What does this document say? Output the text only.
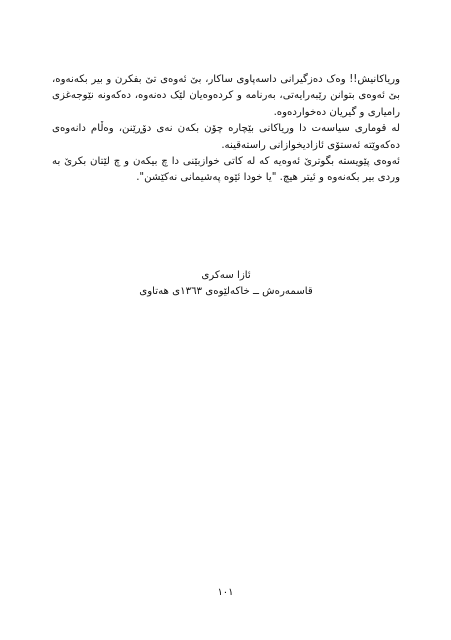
ورياكانيش!! وەک دەزگيرانی داسەپاوی ساکار، بێ ئەوەی تێ بفکرن و بیر بکەنەوە، بێ ئەوەی بتوانن رێبەرایەتی، بەرنامە و کردەوەیان لێک دەنەوە، دەکەونە نێوجەغزی رامیاری و گیریان دەخواردەوە.

لە قوماری سیاسەت دا وریاکانی بێچارە چۆن بکەن نەی دۆڕێنن، وەڵام دانەوەی دەکەوێتە ئەستۆی ئازادیخوازانی راستەقینە.

ئەوەی پێویستە بگوترێ ئەوەیە کە لە کاتی خوازبێنی دا چ بیکەن و چ لێتان بکرێ بە وردی بیر بکەنەوە و ئیتر هیچ. "یا خودا ئێوە پەشیمانی نەکێشن".

ئازا سەکری

قاسمەرەش ــ خاکەلێوەی ١٣٦٣ی هەتاوی

١٠١
